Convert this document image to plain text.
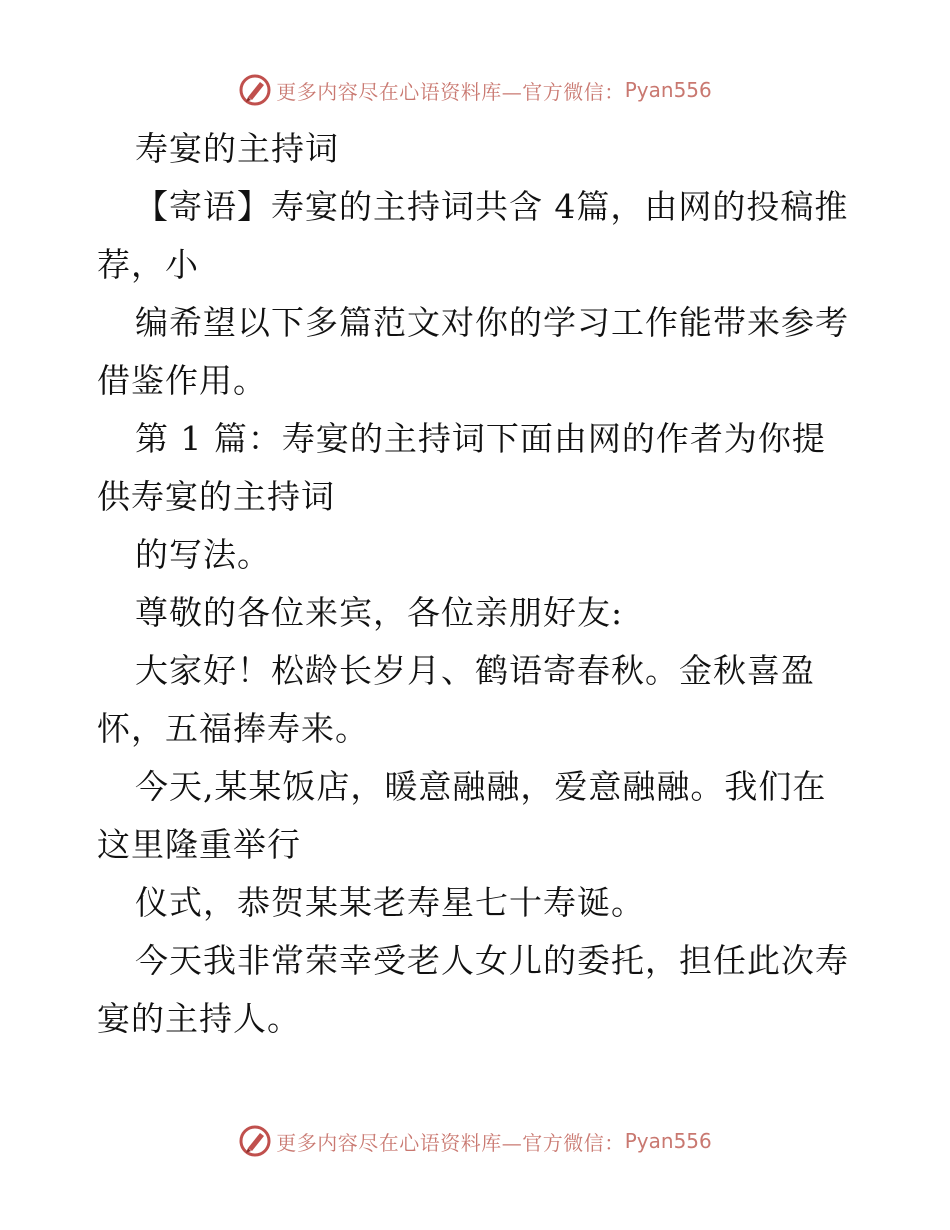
更多内容尽在心语资料库—官方微信： Pyan556

寿宴的主持词

【寄语】寿宴的主持词共含 4篇，由网的投稿推荐，小

编希望以下多篇范文对你的学习工作能带来参考借鉴作用。

第 1 篇：寿宴的主持词下面由网的作者为你提供寿宴的主持词

的写法。

尊敬的各位来宾，各位亲朋好友:

大家好！松龄长岁月、鹤语寄春秋。金秋喜盈怀，五福捧寿来。

今天,某某饭店，暖意融融，爱意融融。我们在这里隆重举行

仪式，恭贺某某老寿星七十寿诞。

今天我非常荣幸受老人女儿的委托，担任此次寿宴的主持人。

更多内容尽在心语资料库—官方微信： Pyan556
